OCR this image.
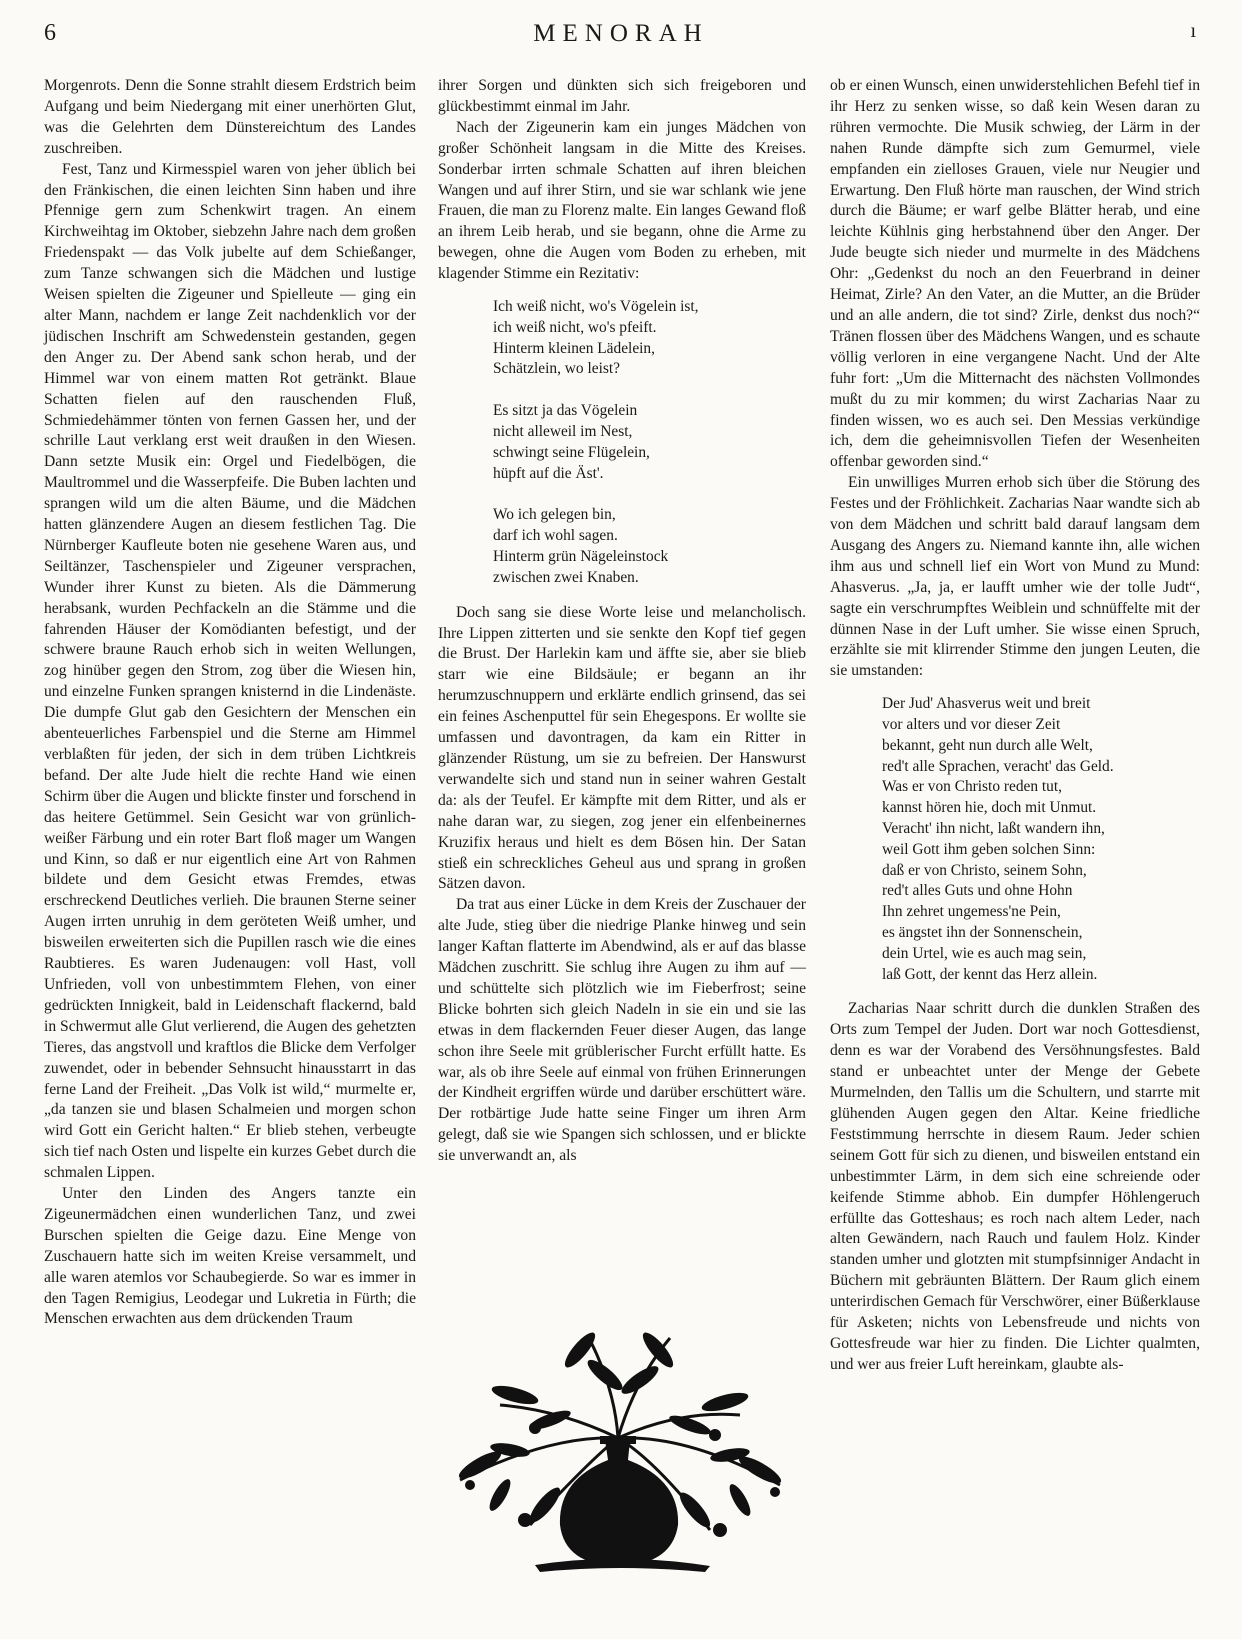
6	MENORAH	ı

Morgenrots. Denn die Sonne strahlt diesem Erdstrich beim Aufgang und beim Niedergang mit einer unerhörten Glut, was die Gelehrten dem Dünstereichtum des Landes zuschreiben.

Fest, Tanz und Kirmesspiel waren von jeher üblich bei den Fränkischen, die einen leichten Sinn haben und ihre Pfennige gern zum Schenkwirt tragen. An einem Kirchweihtag im Oktober, siebzehn Jahre nach dem großen Friedenspakt — das Volk jubelte auf dem Schießanger, zum Tanze schwangen sich die Mädchen und lustige Weisen spielten die Zigeuner und Spielleute — ging ein alter Mann, nachdem er lange Zeit nachdenklich vor der jüdischen Inschrift am Schwedenstein gestanden, gegen den Anger zu. Der Abend sank schon herab, und der Himmel war von einem matten Rot getränkt. Blaue Schatten fielen auf den rauschenden Fluß, Schmiedehämmer tönten von fernen Gassen her, und der schrille Laut verklang erst weit draußen in den Wiesen. Dann setzte Musik ein: Orgel und Fiedelbögen, die Maultrommel und die Wasserpfeife. Die Buben lachten und sprangen wild um die alten Bäume, und die Mädchen hatten glänzendere Augen an diesem festlichen Tag. Die Nürnberger Kaufleute boten nie gesehene Waren aus, und Seiltänzer, Taschenspieler und Zigeuner versprachen, Wunder ihrer Kunst zu bieten. Als die Dämmerung herabsank, wurden Pechfackeln an die Stämme und die fahrenden Häuser der Komödianten befestigt, und der schwere braune Rauch erhob sich in weiten Wellungen, zog hinüber gegen den Strom, zog über die Wiesen hin, und einzelne Funken sprangen knisternd in die Lindenäste. Die dumpfe Glut gab den Gesichtern der Menschen ein abenteuerliches Farbenspiel und die Sterne am Himmel verblaßten für jeden, der sich in dem trüben Lichtkreis befand. Der alte Jude hielt die rechte Hand wie einen Schirm über die Augen und blickte finster und forschend in das heitere Getümmel. Sein Gesicht war von grünlich-weißer Färbung und ein roter Bart floß mager um Wangen und Kinn, so daß er nur eigentlich eine Art von Rahmen bildete und dem Gesicht etwas Fremdes, etwas erschreckend Deutliches verlieh. Die braunen Sterne seiner Augen irrten unruhig in dem geröteten Weiß umher, und bisweilen erweiterten sich die Pupillen rasch wie die eines Raubtieres. Es waren Judenaugen: voll Hast, voll Unfrieden, voll von unbestimmtem Flehen, von einer gedrückten Innigkeit, bald in Leidenschaft flackernd, bald in Schwermut alle Glut verlierend, die Augen des gehetzten Tieres, das angstvoll und kraftlos die Blicke dem Verfolger zuwendet, oder in bebender Sehnsucht hinausstarrt in das ferne Land der Freiheit. „Das Volk ist wild,“ murmelte er, „da tanzen sie und blasen Schalmeien und morgen schon wird Gott ein Gericht halten.“ Er blieb stehen, verbeugte sich tief nach Osten und lispelte ein kurzes Gebet durch die schmalen Lippen.

Unter den Linden des Angers tanzte ein Zigeunermädchen einen wunderlichen Tanz, und zwei Burschen spielten die Geige dazu. Eine Menge von Zuschauern hatte sich im weiten Kreise versammelt, und alle waren atemlos vor Schaubegierde. So war es immer in den Tagen Remigius, Leodegar und Lukretia in Fürth; die Menschen erwachten aus dem drückenden Traum

ihrer Sorgen und dünkten sich sich freigeboren und glückbestimmt einmal im Jahr.

Nach der Zigeunerin kam ein junges Mädchen von großer Schönheit langsam in die Mitte des Kreises. Sonderbar irrten schmale Schatten auf ihren bleichen Wangen und auf ihrer Stirn, und sie war schlank wie jene Frauen, die man zu Florenz malte. Ein langes Gewand floß an ihrem Leib herab, und sie begann, ohne die Arme zu bewegen, ohne die Augen vom Boden zu erheben, mit klagender Stimme ein Rezitativ:

Ich weiß nicht, wo's Vögelein ist,
ich weiß nicht, wo's pfeift.
Hinterm kleinen Lädelein,
Schätzlein, wo leist?
Es sitzt ja das Vögelein
nicht alleweil im Nest,
schwingt seine Flügelein,
hüpft auf die Äst'.
Wo ich gelegen bin,
darf ich wohl sagen.
Hinterm grün Nägeleinstock
zwischen zwei Knaben.

Doch sang sie diese Worte leise und melancholisch. Ihre Lippen zitterten und sie senkte den Kopf tief gegen die Brust. Der Harlekin kam und äffte sie, aber sie blieb starr wie eine Bildsäule; er begann an ihr herumzuschnuppern und erklärte endlich grinsend, das sei ein feines Aschenputtel für sein Ehegespons. Er wollte sie umfassen und davontragen, da kam ein Ritter in glänzender Rüstung, um sie zu befreien. Der Hanswurst verwandelte sich und stand nun in seiner wahren Gestalt da: als der Teufel. Er kämpfte mit dem Ritter, und als er nahe daran war, zu siegen, zog jener ein elfenbeinernes Kruzifix heraus und hielt es dem Bösen hin. Der Satan stieß ein schreckliches Geheul aus und sprang in großen Sätzen davon.

Da trat aus einer Lücke in dem Kreis der Zuschauer der alte Jude, stieg über die niedrige Planke hinweg und sein langer Kaftan flatterte im Abendwind, als er auf das blasse Mädchen zuschritt. Sie schlug ihre Augen zu ihm auf — und schüttelte sich plötzlich wie im Fieberfrost; seine Blicke bohrten sich gleich Nadeln in sie ein und sie las etwas in dem flackernden Feuer dieser Augen, das lange schon ihre Seele mit grüblerischer Furcht erfüllt hatte. Es war, als ob ihre Seele auf einmal von frühen Erinnerungen der Kindheit ergriffen würde und darüber erschüttert wäre. Der rotbärtige Jude hatte seine Finger um ihren Arm gelegt, daß sie wie Spangen sich schlossen, und er blickte sie unverwandt an, als

ob er einen Wunsch, einen unwiderstehlichen Befehl tief in ihr Herz zu senken wisse, so daß kein Wesen daran zu rühren vermochte. Die Musik schwieg, der Lärm in der nahen Runde dämpfte sich zum Gemurmel, viele empfanden ein zielloses Grauen, viele nur Neugier und Erwartung. Den Fluß hörte man rauschen, der Wind strich durch die Bäume; er warf gelbe Blätter herab, und eine leichte Kühlnis ging herbstahnend über den Anger. Der Jude beugte sich nieder und murmelte in des Mädchens Ohr: „Gedenkst du noch an den Feuerbrand in deiner Heimat, Zirle? An den Vater, an die Mutter, an die Brüder und an alle andern, die tot sind? Zirle, denkst dus noch?“ Tränen flossen über des Mädchens Wangen, und es schaute völlig verloren in eine vergangene Nacht. Und der Alte fuhr fort: „Um die Mitternacht des nächsten Vollmondes mußt du zu mir kommen; du wirst Zacharias Naar zu finden wissen, wo es auch sei. Den Messias verkündige ich, dem die geheimnisvollen Tiefen der Wesenheiten offenbar geworden sind.“

Ein unwilliges Murren erhob sich über die Störung des Festes und der Fröhlichkeit. Zacharias Naar wandte sich ab von dem Mädchen und schritt bald darauf langsam dem Ausgang des Angers zu. Niemand kannte ihn, alle wichen ihm aus und schnell lief ein Wort von Mund zu Mund: Ahasverus. „Ja, ja, er laufft umher wie der tolle Judt“, sagte ein verschrumpftes Weiblein und schnüffelte mit der dünnen Nase in der Luft umher. Sie wisse einen Spruch, erzählte sie mit klirrender Stimme den jungen Leuten, die sie umstanden:

Der Jud' Ahasverus weit und breit
vor alters und vor dieser Zeit
bekannt, geht nun durch alle Welt,
red't alle Sprachen, veracht' das Geld.
Was er von Christo reden tut,
kannst hören hie, doch mit Unmut.
Veracht' ihn nicht, laßt wandern ihn,
weil Gott ihm geben solchen Sinn:
daß er von Christo, seinem Sohn,
red't alles Guts und ohne Hohn
Ihn zehret ungemess'ne Pein,
es ängstet ihn der Sonnenschein,
dein Urtel, wie es auch mag sein,
laß Gott, der kennt das Herz allein.

Zacharias Naar schritt durch die dunklen Straßen des Orts zum Tempel der Juden. Dort war noch Gottesdienst, denn es war der Vorabend des Versöhnungsfestes. Bald stand er unbeachtet unter der Menge der Gebete Murmelnden, den Tallis um die Schultern, und starrte mit glühenden Augen gegen den Altar. Keine friedliche Feststimmung herrschte in diesem Raum. Jeder schien seinem Gott für sich zu dienen, und bisweilen entstand ein unbestimmter Lärm, in dem sich eine schreiende oder keifende Stimme abhob. Ein dumpfer Höhlengeruch erfüllte das Gotteshaus; es roch nach altem Leder, nach alten Gewändern, nach Rauch und faulem Holz. Kinder standen umher und glotzten mit stumpfsinniger Andacht in Büchern mit gebräunten Blättern. Der Raum glich einem unterirdischen Gemach für Verschwörer, einer Büßerklause für Asketen; nichts von Lebensfreude und nichts von Gottesfreude war hier zu finden. Die Lichter qualmten, und wer aus freier Luft hereinkam, glaubte als-
